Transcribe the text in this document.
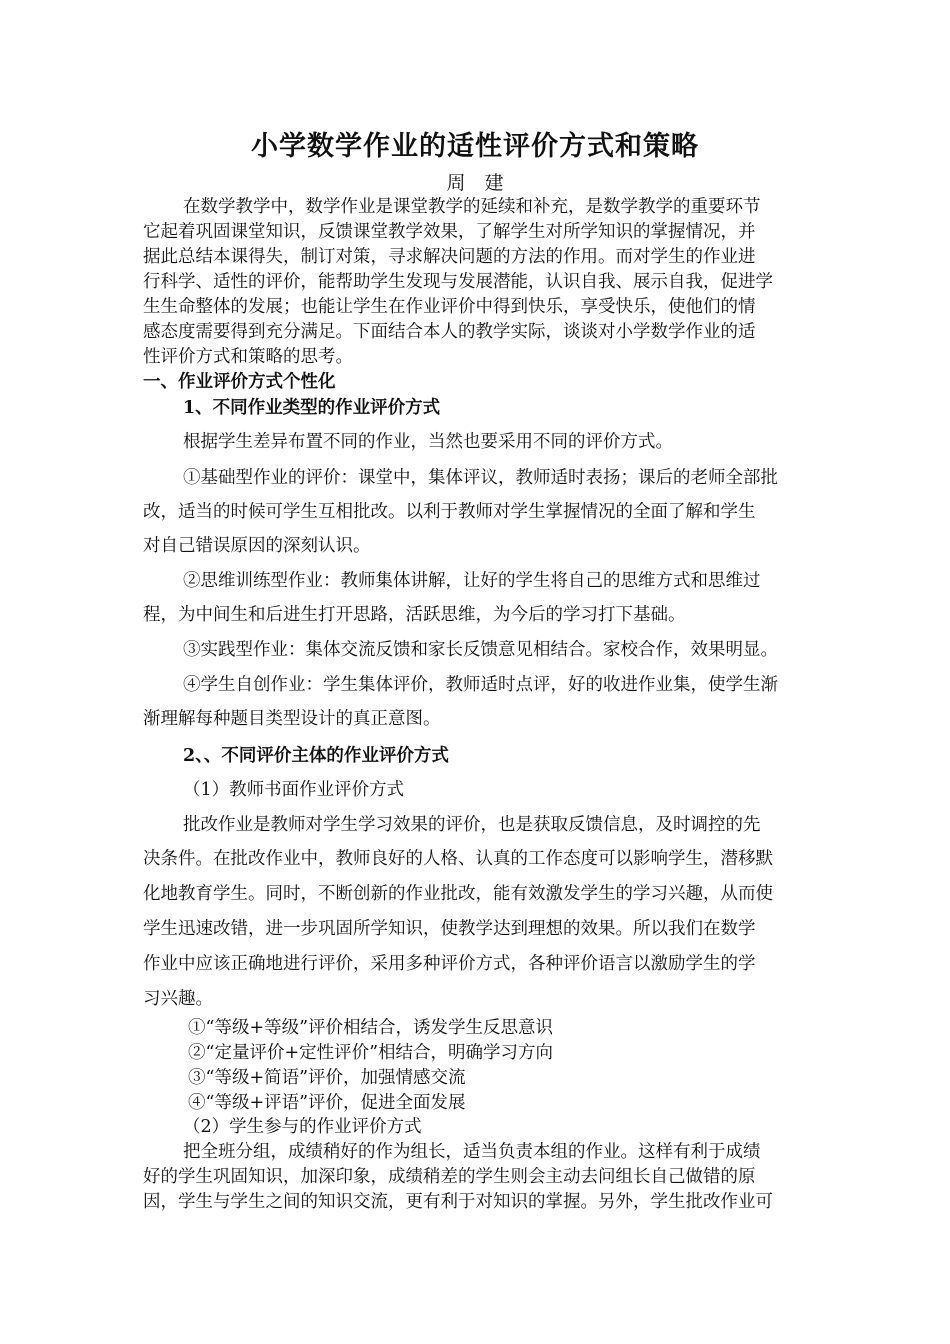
小学数学作业的适性评价方式和策略
周　建
在数学教学中，数学作业是课堂教学的延续和补充，是数学教学的重要环节
它起着巩固课堂知识，反馈课堂教学效果，了解学生对所学知识的掌握情况，并
据此总结本课得失，制订对策，寻求解决问题的方法的作用。而对学生的作业进
行科学、适性的评价，能帮助学生发现与发展潜能，认识自我、展示自我，促进学
生生命整体的发展；也能让学生在作业评价中得到快乐，享受快乐，使他们的情
感态度需要得到充分满足。下面结合本人的教学实际，谈谈对小学数学作业的适
性评价方式和策略的思考。
一、作业评价方式个性化
1、不同作业类型的作业评价方式
根据学生差异布置不同的作业，当然也要采用不同的评价方式。
①基础型作业的评价：课堂中，集体评议，教师适时表扬；课后的老师全部批
改，适当的时候可学生互相批改。以利于教师对学生掌握情况的全面了解和学生
对自己错误原因的深刻认识。
②思维训练型作业：教师集体讲解，让好的学生将自己的思维方式和思维过
程，为中间生和后进生打开思路，活跃思维，为今后的学习打下基础。
③实践型作业：集体交流反馈和家长反馈意见相结合。家校合作，效果明显。
④学生自创作业：学生集体评价，教师适时点评，好的收进作业集，使学生渐
渐理解每种题目类型设计的真正意图。
2、、不同评价主体的作业评价方式
（1）教师书面作业评价方式
批改作业是教师对学生学习效果的评价，也是获取反馈信息，及时调控的先
决条件。在批改作业中，教师良好的人格、认真的工作态度可以影响学生，潜移默
化地教育学生。同时，不断创新的作业批改，能有效激发学生的学习兴趣，从而使
学生迅速改错，进一步巩固所学知识，使教学达到理想的效果。所以我们在数学
作业中应该正确地进行评价，采用多种评价方式，各种评价语言以激励学生的学
习兴趣。
①“等级+等级”评价相结合，诱发学生反思意识
②“定量评价+定性评价”相结合，明确学习方向
③“等级+简语”评价，加强情感交流
④“等级+评语”评价，促进全面发展
（2）学生参与的作业评价方式
把全班分组，成绩稍好的作为组长，适当负责本组的作业。这样有利于成绩
好的学生巩固知识，加深印象，成绩稍差的学生则会主动去问组长自己做错的原
因，学生与学生之间的知识交流，更有利于对知识的掌握。另外，学生批改作业可
